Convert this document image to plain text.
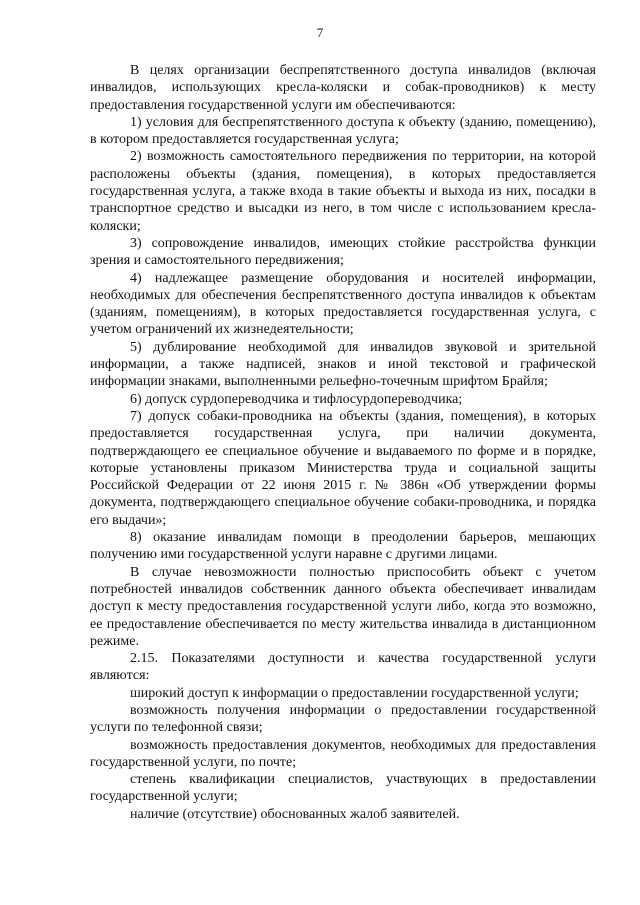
7

В целях организации беспрепятственного доступа инвалидов (включая инвалидов, использующих кресла-коляски и собак-проводников) к месту предоставления государственной услуги им обеспечиваются:

1) условия для беспрепятственного доступа к объекту (зданию, помещению), в котором предоставляется государственная услуга;

2) возможность самостоятельного передвижения по территории, на которой расположены объекты (здания, помещения), в которых предоставляется государственная услуга, а также входа в такие объекты и выхода из них, посадки в транспортное средство и высадки из него, в том числе с использованием кресла-коляски;

3) сопровождение инвалидов, имеющих стойкие расстройства функции зрения и самостоятельного передвижения;

4) надлежащее размещение оборудования и носителей информации, необходимых для обеспечения беспрепятственного доступа инвалидов к объектам (зданиям, помещениям), в которых предоставляется государственная услуга, с учетом ограничений их жизнедеятельности;

5) дублирование необходимой для инвалидов звуковой и зрительной информации, а также надписей, знаков и иной текстовой и графической информации знаками, выполненными рельефно-точечным шрифтом Брайля;

6) допуск сурдопереводчика и тифлосурдопереводчика;

7) допуск собаки-проводника на объекты (здания, помещения), в которых предоставляется государственная услуга, при наличии документа, подтверждающего ее специальное обучение и выдаваемого по форме и в порядке, которые установлены приказом Министерства труда и социальной защиты Российской Федерации от 22 июня 2015 г. № 386н «Об утверждении формы документа, подтверждающего специальное обучение собаки-проводника, и порядка его выдачи»;

8) оказание инвалидам помощи в преодолении барьеров, мешающих получению ими государственной услуги наравне с другими лицами.

В случае невозможности полностью приспособить объект с учетом потребностей инвалидов собственник данного объекта обеспечивает инвалидам доступ к месту предоставления государственной услуги либо, когда это возможно, ее предоставление обеспечивается по месту жительства инвалида в дистанционном режиме.

2.15. Показателями доступности и качества государственной услуги являются:

широкий доступ к информации о предоставлении государственной услуги;

возможность получения информации о предоставлении государственной услуги по телефонной связи;

возможность предоставления документов, необходимых для предоставления государственной услуги, по почте;

степень квалификации специалистов, участвующих в предоставлении государственной услуги;

наличие (отсутствие) обоснованных жалоб заявителей.
